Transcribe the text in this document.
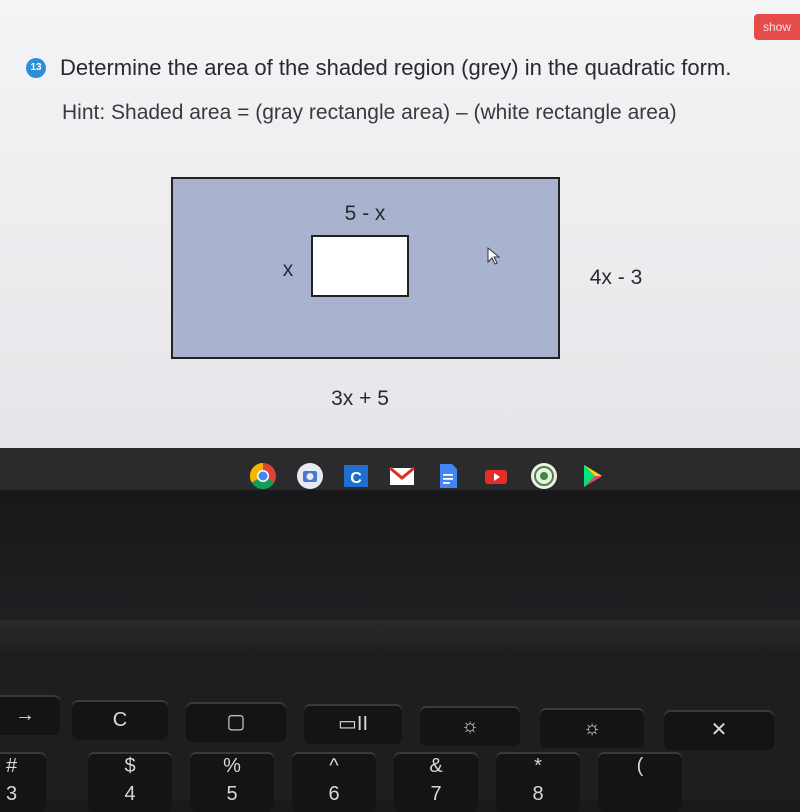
show
13 Determine the area of the shaded region (grey) in the quadratic form.
Hint: Shaded area = (gray rectangle area) – (white rectangle area)
5 - x
x	4x - 3
3x + 5
C
→	C	▢	▭II	☼	☼	✕
#
3
$
4
%
5
^
6
&
7
*
8
(
